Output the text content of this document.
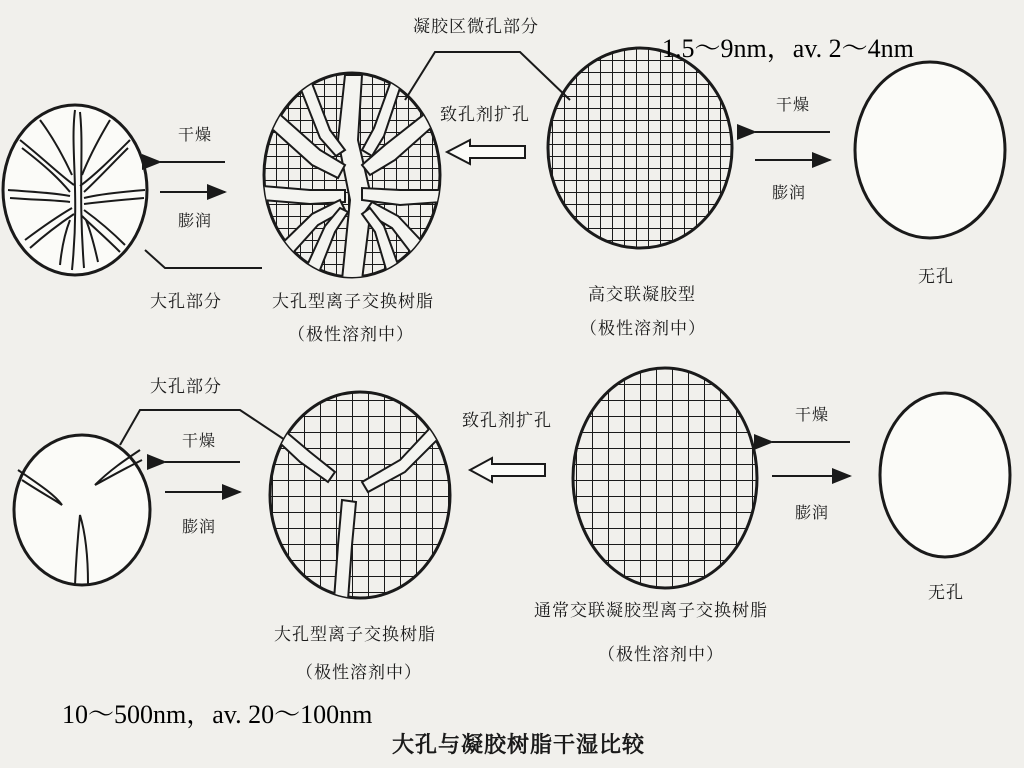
凝胶区微孔部分
1.5～9nm，av. 2～4nm
致孔剂扩孔
干燥
膨润
干燥
膨润
大孔部分	大孔型离子交换树脂
（极性溶剂中）
高交联凝胶型
（极性溶剂中）
无孔
大孔部分
致孔剂扩孔
干燥
膨润
干燥
膨润
大孔型离子交换树脂
（极性溶剂中）
通常交联凝胶型离子交换树脂
（极性溶剂中）
无孔
10～500nm，av. 20～100nm
大孔与凝胶树脂干湿比较
